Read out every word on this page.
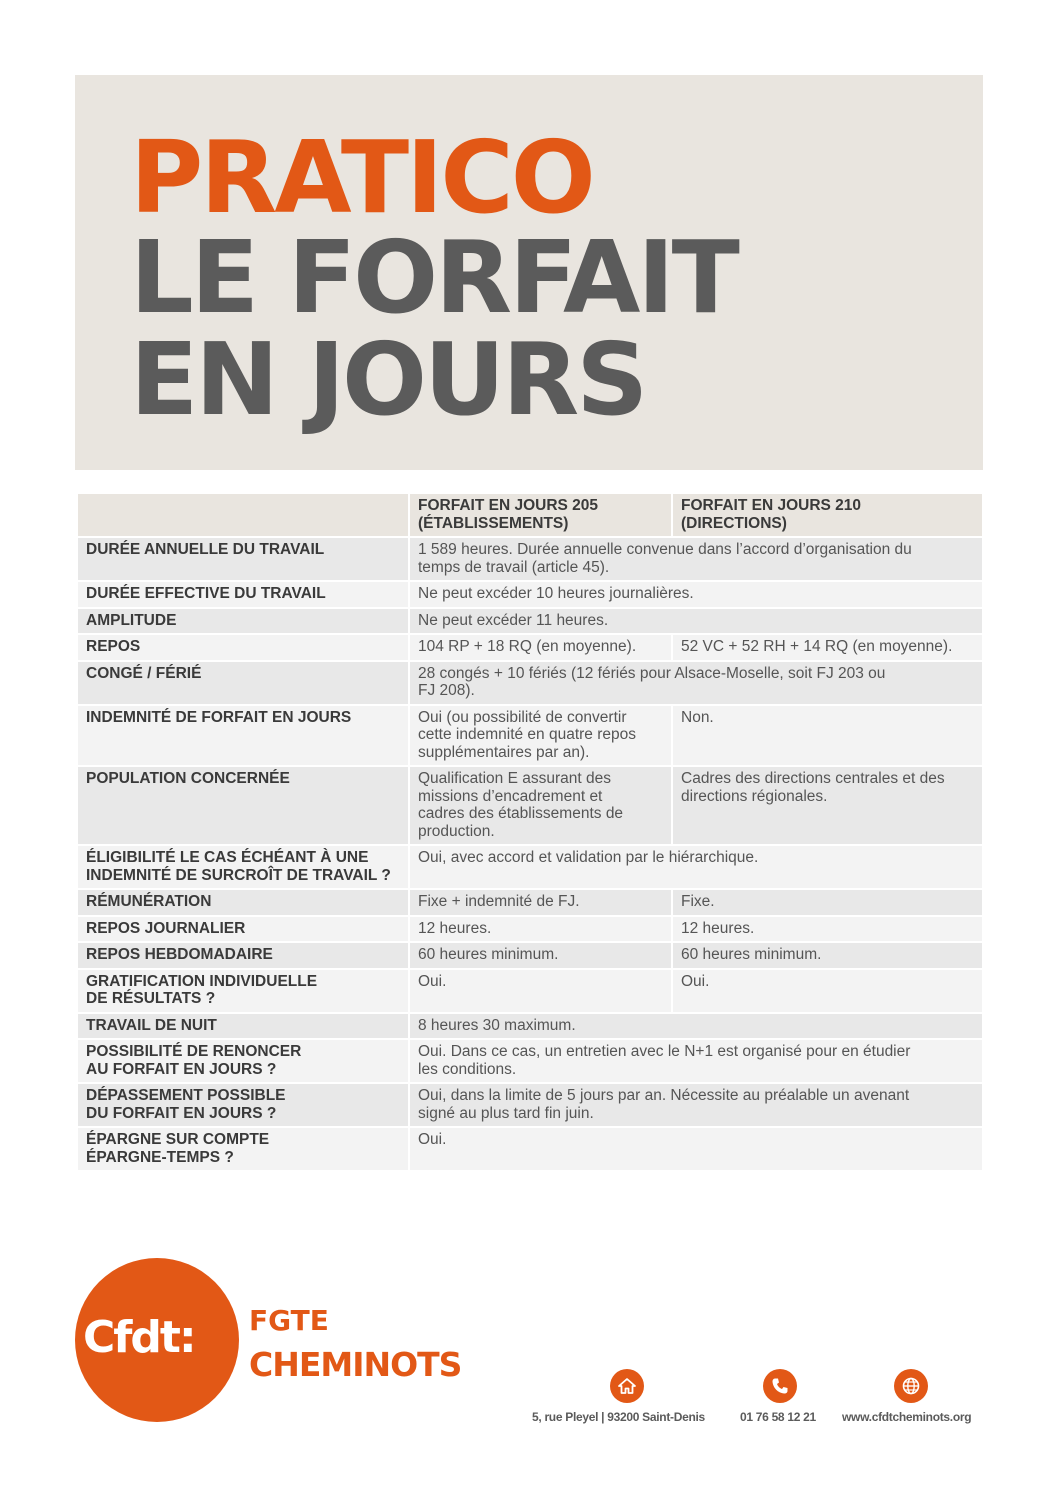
PRATICO
LE FORFAIT
EN JOURS

	FORFAIT EN JOURS 205
(ÉTABLISSEMENTS)	FORFAIT EN JOURS 210
(DIRECTIONS)

DURÉE ANNUELLE DU TRAVAIL	1 589 heures. Durée annuelle convenue dans l’accord d’organisation du
temps de travail (article 45).	

DURÉE EFFECTIVE DU TRAVAIL	Ne peut excéder 10 heures journalières.	

AMPLITUDE	Ne peut excéder 11 heures.	

REPOS	104 RP + 18 RQ (en moyenne).	52 VC + 52 RH + 14 RQ (en moyenne).

CONGÉ / FÉRIÉ	28 congés + 10 fériés (12 fériés pour Alsace-Moselle, soit FJ 203 ou
FJ 208).	

INDEMNITÉ DE FORFAIT EN JOURS	Oui (ou possibilité de convertir
cette indemnité en quatre repos
supplémentaires par an).	Non.

POPULATION CONCERNÉE	Qualification E assurant des
missions d’encadrement et
cadres des établissements de
production.	Cadres des directions centrales et des
directions régionales.

ÉLIGIBILITÉ LE CAS ÉCHÉANT À UNE
INDEMNITÉ DE SURCROÎT DE TRAVAIL ?	Oui, avec accord et validation par le hiérarchique.	

RÉMUNÉRATION	Fixe + indemnité de FJ.	Fixe.

REPOS JOURNALIER	12 heures.	12 heures.

REPOS HEBDOMADAIRE	60 heures minimum.	60 heures minimum.

GRATIFICATION INDIVIDUELLE
DE RÉSULTATS ?	Oui.	Oui.

TRAVAIL DE NUIT	8 heures 30 maximum.	

POSSIBILITÉ DE RENONCER
AU FORFAIT EN JOURS ?	Oui. Dans ce cas, un entretien avec le N+1 est organisé pour en étudier
les conditions.	

DÉPASSEMENT POSSIBLE
DU FORFAIT EN JOURS ?	Oui, dans la limite de 5 jours par an. Nécessite au préalable un avenant
signé au plus tard fin juin.	

ÉPARGNE SUR COMPTE
ÉPARGNE-TEMPS ?	Oui.	
Cfdt:	FGTE
CHEMINOTS
5, rue Pleyel | 93200 Saint-Denis	01 76 58 12 21 www.cfdtcheminots.org
